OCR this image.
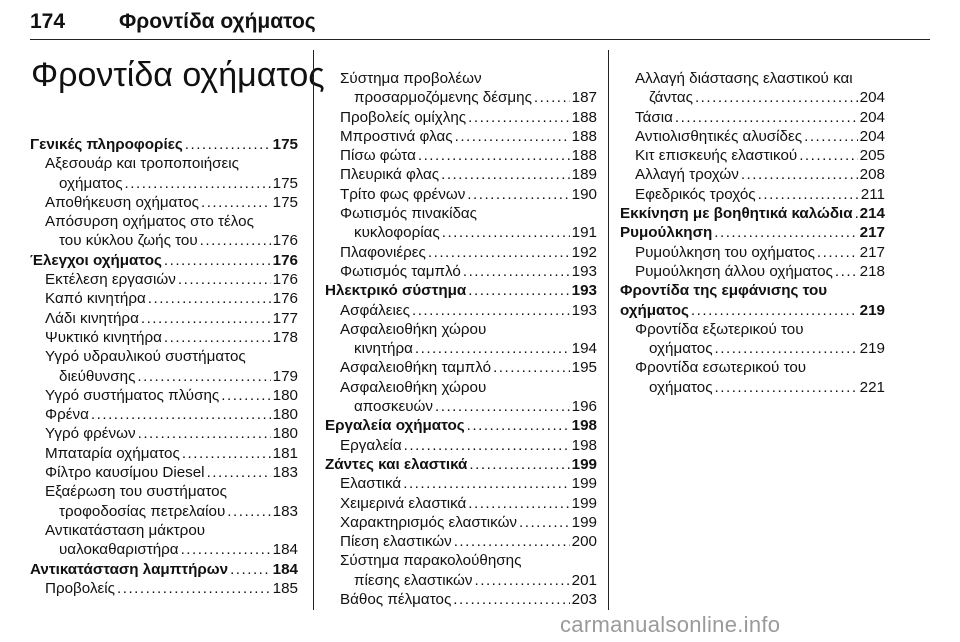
174	Φροντίδα οχήματος
Φροντίδα οχήματος
Γενικές πληροφορίες .....	175
Αξεσουάρ και τροποποιήσεις
οχήματος .....	175
Αποθήκευση οχήματος .....	175
Απόσυρση οχήματος στο τέλος
του κύκλου ζωής του .....	176
Έλεγχοι οχήματος .....	176
Εκτέλεση εργασιών .....	176
Καπό κινητήρα .....	176
Λάδι κινητήρα .....	177
Ψυκτικό κινητήρα .....	178
Υγρό υδραυλικού συστήματος
διεύθυνσης .....	179
Υγρό συστήματος πλύσης .....	180
Φρένα .....	180
Υγρό φρένων .....	180
Μπαταρία οχήματος .....	181
Φίλτρο καυσίμου Diesel .....	183
Εξαέρωση του συστήματος
τροφοδοσίας πετρελαίου .....	183
Αντικατάσταση μάκτρου
υαλοκαθαριστήρα .....	184
Αντικατάσταση λαμπτήρων .....	184
Προβολείς .....	185
Σύστημα προβολέων
προσαρμοζόμενης δέσμης .....	187
Προβολείς ομίχλης .....	188
Μπροστινά φλας .....	188
Πίσω φώτα .....	188
Πλευρικά φλας .....	189
Τρίτο φως φρένων .....	190
Φωτισμός πινακίδας
κυκλοφορίας .....	191
Πλαφονιέρες .....	192
Φωτισμός ταμπλό .....	193
Ηλεκτρικό σύστημα .....	193
Ασφάλειες .....	193
Ασφαλειοθήκη χώρου
κινητήρα .....	194
Ασφαλειοθήκη ταμπλό .....	195
Ασφαλειοθήκη χώρου
αποσκευών .....	196
Εργαλεία οχήματος .....	198
Εργαλεία .....	198
Ζάντες και ελαστικά .....	199
Ελαστικά .....	199
Χειμερινά ελαστικά .....	199
Χαρακτηρισμός ελαστικών .....	199
Πίεση ελαστικών .....	200
Σύστημα παρακολούθησης
πίεσης ελαστικών .....	201
Βάθος πέλματος .....	203
Αλλαγή διάστασης ελαστικού και
ζάντας .....	204
Τάσια .....	204
Αντιολισθητικές αλυσίδες .....	204
Κιτ επισκευής ελαστικού .....	205
Αλλαγή τροχών .....	208
Εφεδρικός τροχός .....	211
Εκκίνηση με βοηθητικά καλώδια ..... 214
Ρυμούλκηση .....	217
Ρυμούλκηση του οχήματος .....	217
Ρυμούλκηση άλλου οχήματος ..... 218
Φροντίδα της εμφάνισης του
οχήματος .....	219
Φροντίδα εξωτερικού του
οχήματος .....	219
Φροντίδα εσωτερικού του
οχήματος .....	221
carmanualsonline.info
